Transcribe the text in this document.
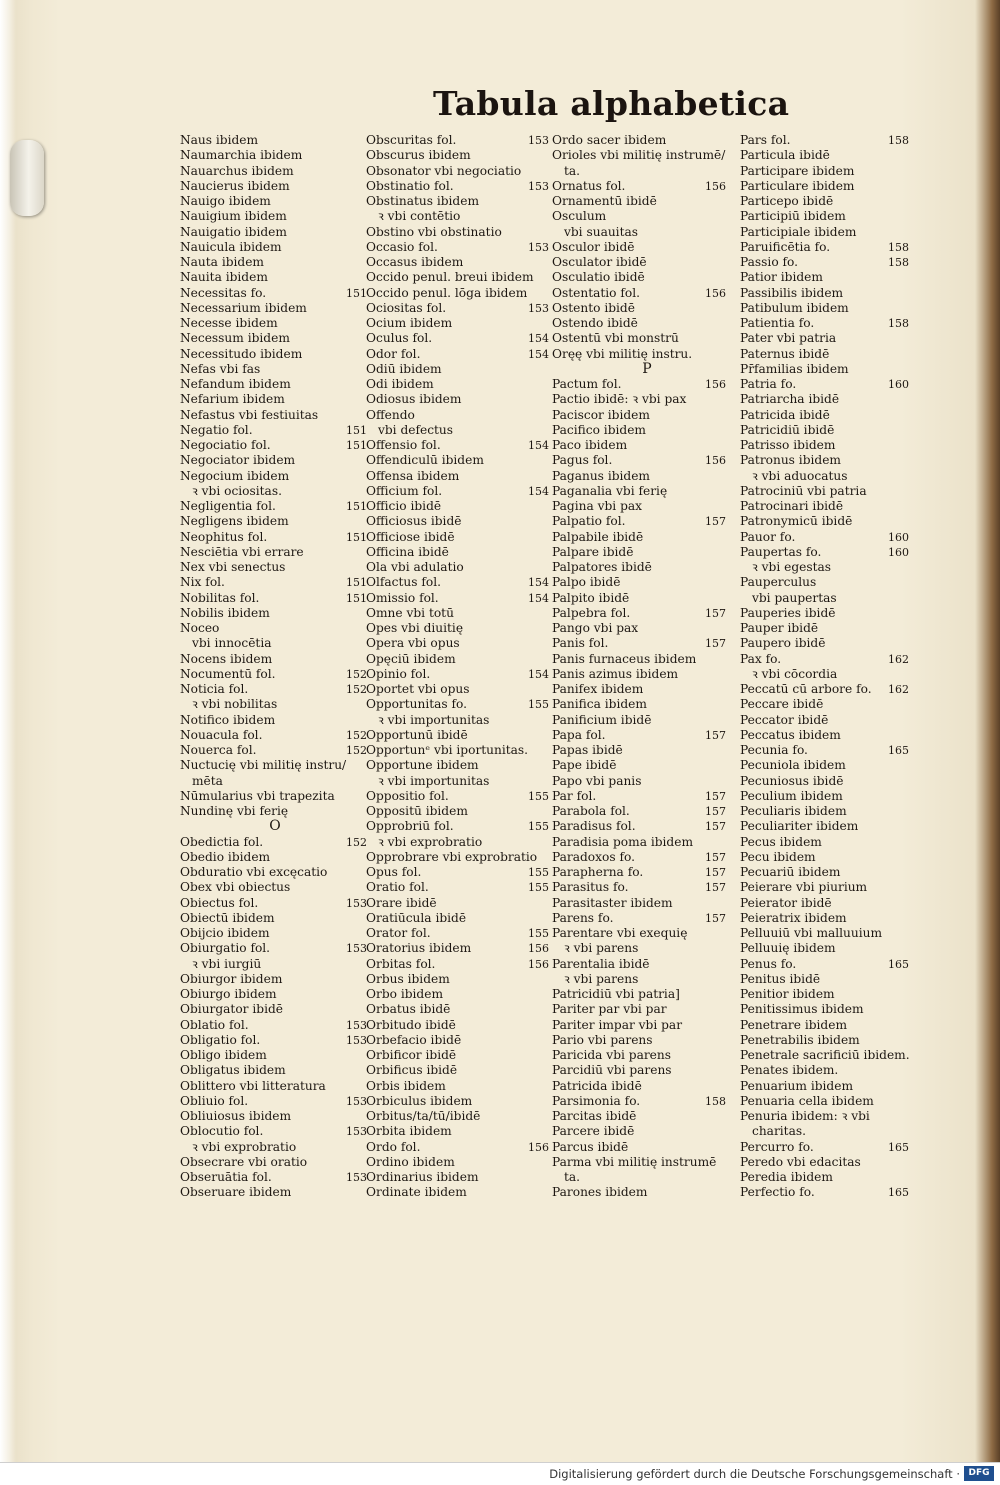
Tabula alphabetica
Naus ibidem
Naumarchia ibidem
Nauarchus ibidem
Naucierus ibidem
Nauigo ibidem
Nauigium ibidem
Nauigatio ibidem
Nauicula ibidem
Nauta ibidem
Nauita ibidem
Necessitas fo.	151
Necessarium ibidem
Necesse ibidem
Necessum ibidem
Necessitudo ibidem
Nefas vbi fas
Nefandum ibidem
Nefarium ibidem
Nefastus vbi festiuitas
Negatio fol.	151
Negociatio fol.	151
Negociator ibidem
Negocium ibidem
ꝛ vbi ociositas.
Negligentia fol.	151
Negligens ibidem
Neophitus fol.	151
Nesciētia vbi errare
Nex vbi senectus
Nix fol.	151
Nobilitas fol.	151
Nobilis ibidem
Noceo
vbi innocētia
Nocens ibidem
Nocumentū fol.	152
Noticia fol.	152
ꝛ vbi nobilitas
Notifico ibidem
Nouacula fol.	152
Nouerca fol.	152
Nuctucię vbi militię instru/
mēta
Nūmularius vbi trapezita
Nundinę vbi ferię
O
Obedictia fol.	152
Obedio ibidem
Obduratio vbi excęcatio
Obex vbi obiectus
Obiectus fol.	153
Obiectū ibidem
Obijcio ibidem
Obiurgatio fol.	153
ꝛ vbi iurgiū
Obiurgor ibidem
Obiurgo ibidem
Obiurgator ibidē
Oblatio fol.	153
Obligatio fol.	153
Obligo ibidem
Obligatus ibidem
Oblittero vbi litteratura
Obliuio fol.	153
Obliuiosus ibidem
Oblocutio fol.	153
ꝛ vbi exprobratio
Obsecrare vbi oratio
Obseruātia fol.	153
Obseruare ibidem
Obscuritas fol.	153
Obscurus ibidem
Obsonator vbi negociatio
Obstinatio fol.	153
Obstinatus ibidem
ꝛ vbi contētio
Obstino vbi obstinatio
Occasio fol.	153
Occasus ibidem
Occido penul. breui ibidem
Occido penul. lōga ibidem
Ociositas fol.	153
Ocium ibidem
Oculus fol.	154
Odor fol.	154
Odiū ibidem
Odi ibidem
Odiosus ibidem
Offendo
vbi defectus
Offensio fol.	154
Offendiculū ibidem
Offensa ibidem
Officium fol.	154
Officio ibidē
Officiosus ibidē
Officiose ibidē
Officina ibidē
Ola vbi adulatio
Olfactus fol.	154
Omissio fol.	154
Omne vbi totū
Opes vbi diuitię
Opera vbi opus
Opęciū ibidem
Opinio fol.	154
Oportet vbi opus
Opportunitas fo.	155
ꝛ vbi importunitas
Opportunū ibidē
Opportunᵉ vbi iportunitas.
Opportune ibidem
ꝛ vbi importunitas
Oppositio fol.	155
Oppositū ibidem
Opprobriū fol.	155
ꝛ vbi exprobratio
Opprobrare vbi exprobratio
Opus fol.	155
Oratio fol.	155
Orare ibidē
Oratiūcula ibidē
Orator fol.	155
Oratorius ibidem	156
Orbitas fol.	156
Orbus ibidem
Orbo ibidem
Orbatus ibidē
Orbitudo ibidē
Orbefacio ibidē
Orbificor ibidē
Orbificus ibidē
Orbis ibidem
Orbiculus ibidem
Orbitus/ta/tū/ibidē
Orbita ibidem
Ordo fol.	156
Ordino ibidem
Ordinarius ibidem
Ordinate ibidem
Ordo sacer ibidem
Orioles vbi militię instrumē/
ta.
Ornatus fol.	156
Ornamentū ibidē
Osculum
vbi suauitas
Osculor ibidē
Osculator ibidē
Osculatio ibidē
Ostentatio fol.	156
Ostento ibidē
Ostendo ibidē
Ostentū vbi monstrū
Oręę vbi militię instru.
P
Pactum fol.	156
Pactio ibidē: ꝛ vbi pax
Paciscor ibidem
Pacifico ibidem
Paco ibidem
Pagus fol.	156
Paganus ibidem
Paganalia vbi ferię
Pagina vbi pax
Palpatio fol.	157
Palpabile ibidē
Palpare ibidē
Palpatores ibidē
Palpo ibidē
Palpito ibidē
Palpebra fol.	157
Pango vbi pax
Panis fol.	157
Panis furnaceus ibidem
Panis azimus ibidem
Panifex ibidem
Panifica ibidem
Panificium ibidē
Papa fol.	157
Papas ibidē
Pape ibidē
Papo vbi panis
Par fol.	157
Parabola fol.	157
Paradisus fol.	157
Paradisia poma ibidem
Paradoxos fo.	157
Parapherna fo.	157
Parasitus fo.	157
Parasitaster ibidem
Parens fo.	157
Parentare vbi exequię
ꝛ vbi parens
Parentalia ibidē
ꝛ vbi parens
Patricidiū vbi patria]
Pariter par vbi par
Pariter impar vbi par
Pario vbi parens
Paricida vbi parens
Parcidiū vbi parens
Patricida ibidē
Parsimonia fo.	158
Parcitas ibidē
Parcere ibidē
Parcus ibidē
Parma vbi militię instrumē
ta.
Parones ibidem
Pars fol.	158
Particula ibidē
Participare ibidem
Particulare ibidem
Particepo ibidē
Participiū ibidem
Participiale ibidem
Paruificētia fo.	158
Passio fo.	158
Patior ibidem
Passibilis ibidem
Patibulum ibidem
Patientia fo.	158
Pater vbi patria
Paternus ibidē
Pr̄familias ibidem
Patria fo.	160
Patriarcha ibidē
Patricida ibidē
Patricidiū ibidē
Patrisso ibidem
Patronus ibidem
ꝛ vbi aduocatus
Patrociniū vbi patria
Patrocinari ibidē
Patronymicū ibidē
Pauor fo.	160
Paupertas fo.	160
ꝛ vbi egestas
Pauperculus
vbi paupertas
Pauperies ibidē
Pauper ibidē
Paupero ibidē
Pax fo.	162
ꝛ vbi cōcordia
Peccatū cū arbore fo. 162
Peccare ibidē
Peccator ibidē
Peccatus ibidem
Pecunia fo.	165
Pecuniola ibidem
Pecuniosus ibidē
Peculium ibidem
Peculiaris ibidem
Peculiariter ibidem
Pecus ibidem
Pecu ibidem
Pecuariū ibidem
Peierare vbi piurium
Peierator ibidē
Peieratrix ibidem
Pelluuiū vbi malluuium
Pelluuię ibidem
Penus fo.	165
Penitus ibidē
Penitior ibidem
Penitissimus ibidem
Penetrare ibidem
Penetrabilis ibidem
Penetrale sacrificiū ibidem.
Penates ibidem.
Penuarium ibidem
Penuaria cella ibidem
Penuria ibidem: ꝛ vbi
charitas.
Percurro fo.	165
Peredo vbi edacitas
Peredia ibidem
Perfectio fo.	165
Digitalisierung gefördert durch die Deutsche Forschungsgemeinschaft · DFG
